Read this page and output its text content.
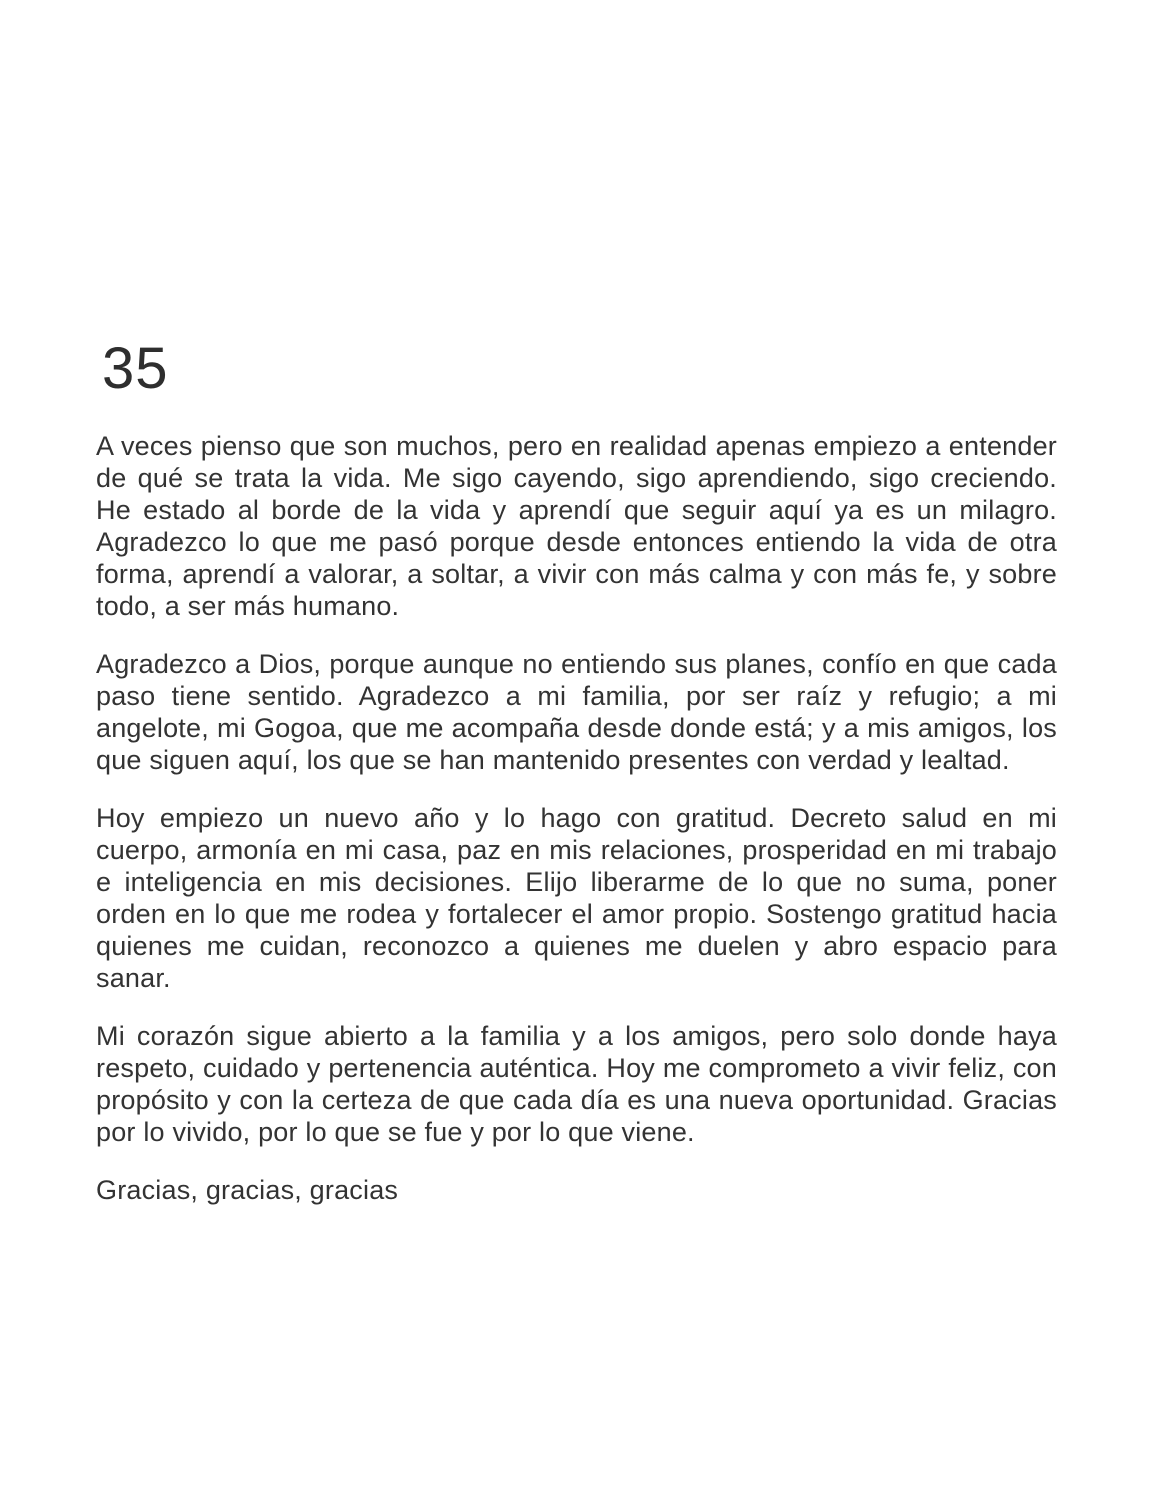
35

A veces pienso que son muchos, pero en realidad apenas empiezo a entender de qué se trata la vida. Me sigo cayendo, sigo aprendiendo, sigo creciendo. He estado al borde de la vida y aprendí que seguir aquí ya es un milagro. Agradezco lo que me pasó porque desde entonces entiendo la vida de otra forma, aprendí a valorar, a soltar, a vivir con más calma y con más fe, y sobre todo, a ser más humano.

Agradezco a Dios, porque aunque no entiendo sus planes, confío en que cada paso tiene sentido. Agradezco a mi familia, por ser raíz y refugio; a mi angelote, mi Gogoa, que me acompaña desde donde está; y a mis amigos, los que siguen aquí, los que se han mantenido presentes con verdad y lealtad.

Hoy empiezo un nuevo año y lo hago con gratitud. Decreto salud en mi cuerpo, armonía en mi casa, paz en mis relaciones, prosperidad en mi trabajo e inteligencia en mis decisiones. Elijo liberarme de lo que no suma, poner orden en lo que me rodea y fortalecer el amor propio. Sostengo gratitud hacia quienes me cuidan, reconozco a quienes me duelen y abro espacio para sanar.

Mi corazón sigue abierto a la familia y a los amigos, pero solo donde haya respeto, cuidado y pertenencia auténtica. Hoy me comprometo a vivir feliz, con propósito y con la certeza de que cada día es una nueva oportunidad. Gracias por lo vivido, por lo que se fue y por lo que viene.

Gracias, gracias, gracias
